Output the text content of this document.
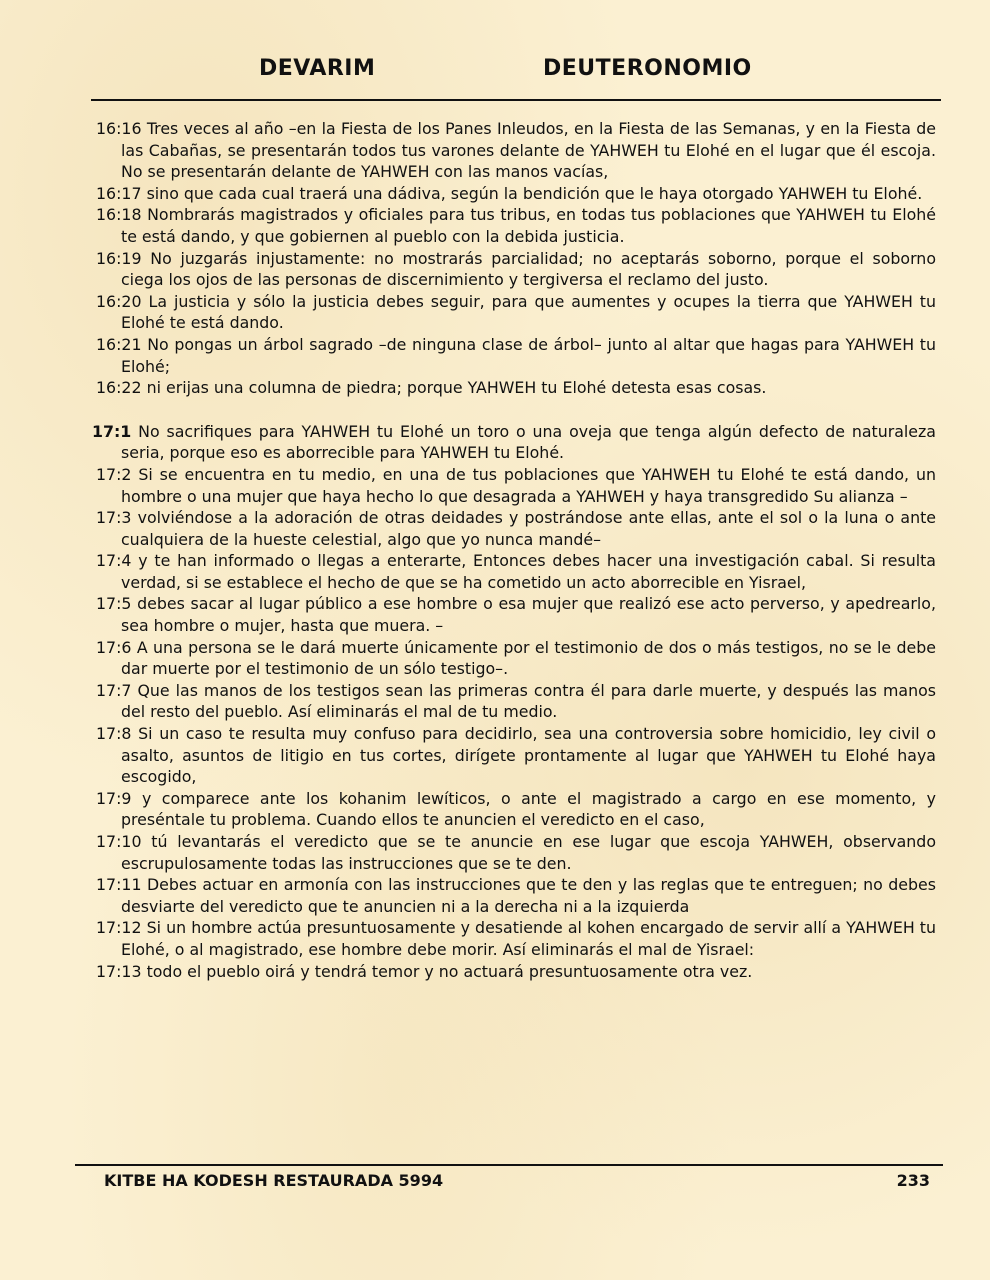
DEVARIM	DEUTERONOMIO
16:16 Tres veces al año –en la Fiesta de los Panes Inleudos, en la Fiesta de las Semanas, y en la Fiesta de las Cabañas, se presentarán todos tus varones delante de YAHWEH tu Elohé en el lugar que él escoja. No se presentarán delante de YAHWEH con las manos vacías,
16:17 sino que cada cual traerá una dádiva, según la bendición que le haya otorgado YAHWEH tu Elohé.
16:18 Nombrarás magistrados y oficiales para tus tribus, en todas tus poblaciones que YAHWEH tu Elohé te está dando, y que gobiernen al pueblo con la debida justicia.
16:19 No juzgarás injustamente: no mostrarás parcialidad; no aceptarás soborno, porque el soborno ciega los ojos de las personas de discernimiento y tergiversa el reclamo del justo.
16:20 La justicia y sólo la justicia debes seguir, para que aumentes y ocupes la tierra que YAHWEH tu Elohé te está dando.
16:21 No pongas un árbol sagrado –de ninguna clase de árbol– junto al altar que hagas para YAHWEH tu Elohé;
16:22 ni erijas una columna de piedra; porque YAHWEH tu Elohé detesta esas cosas.
17:1 No sacrifiques para YAHWEH tu Elohé un toro o una oveja que tenga algún defecto de naturaleza seria, porque eso es aborrecible para YAHWEH tu Elohé.
17:2 Si se encuentra en tu medio, en una de tus poblaciones que YAHWEH tu Elohé te está dando, un hombre o una mujer que haya hecho lo que desagrada a YAHWEH y haya transgredido Su alianza –
17:3 volviéndose a la adoración de otras deidades y postrándose ante ellas, ante el sol o la luna o ante cualquiera de la hueste celestial, algo que yo nunca mandé–
17:4 y te han informado o llegas a enterarte, Entonces debes hacer una investigación cabal. Si resulta verdad, si se establece el hecho de que se ha cometido un acto aborrecible en Yisrael,
17:5 debes sacar al lugar público a ese hombre o esa mujer que realizó ese acto perverso, y apedrearlo, sea hombre o mujer, hasta que muera. –
17:6 A una persona se le dará muerte únicamente por el testimonio de dos o más testigos, no se le debe dar muerte por el testimonio de un sólo testigo–.
17:7 Que las manos de los testigos sean las primeras contra él para darle muerte, y después las manos del resto del pueblo. Así eliminarás el mal de tu medio.
17:8 Si un caso te resulta muy confuso para decidirlo, sea una controversia sobre homicidio, ley civil o asalto, asuntos de litigio en tus cortes, dirígete prontamente al lugar que YAHWEH tu Elohé haya escogido,
17:9 y comparece ante los kohanim lewíticos, o ante el magistrado a cargo en ese momento, y preséntale tu problema. Cuando ellos te anuncien el veredicto en el caso,
17:10 tú levantarás el veredicto que se te anuncie en ese lugar que escoja YAHWEH, observando escrupulosamente todas las instrucciones que se te den.
17:11 Debes actuar en armonía con las instrucciones que te den y las reglas que te entreguen; no debes desviarte del veredicto que te anuncien ni a la derecha ni a la izquierda
17:12 Si un hombre actúa presuntuosamente y desatiende al kohen encargado de servir allí a YAHWEH tu Elohé, o al magistrado, ese hombre debe morir. Así eliminarás el mal de Yisrael:
17:13 todo el pueblo oirá y tendrá temor y no actuará presuntuosamente otra vez.
KITBE HA KODESH RESTAURADA 5994	233
